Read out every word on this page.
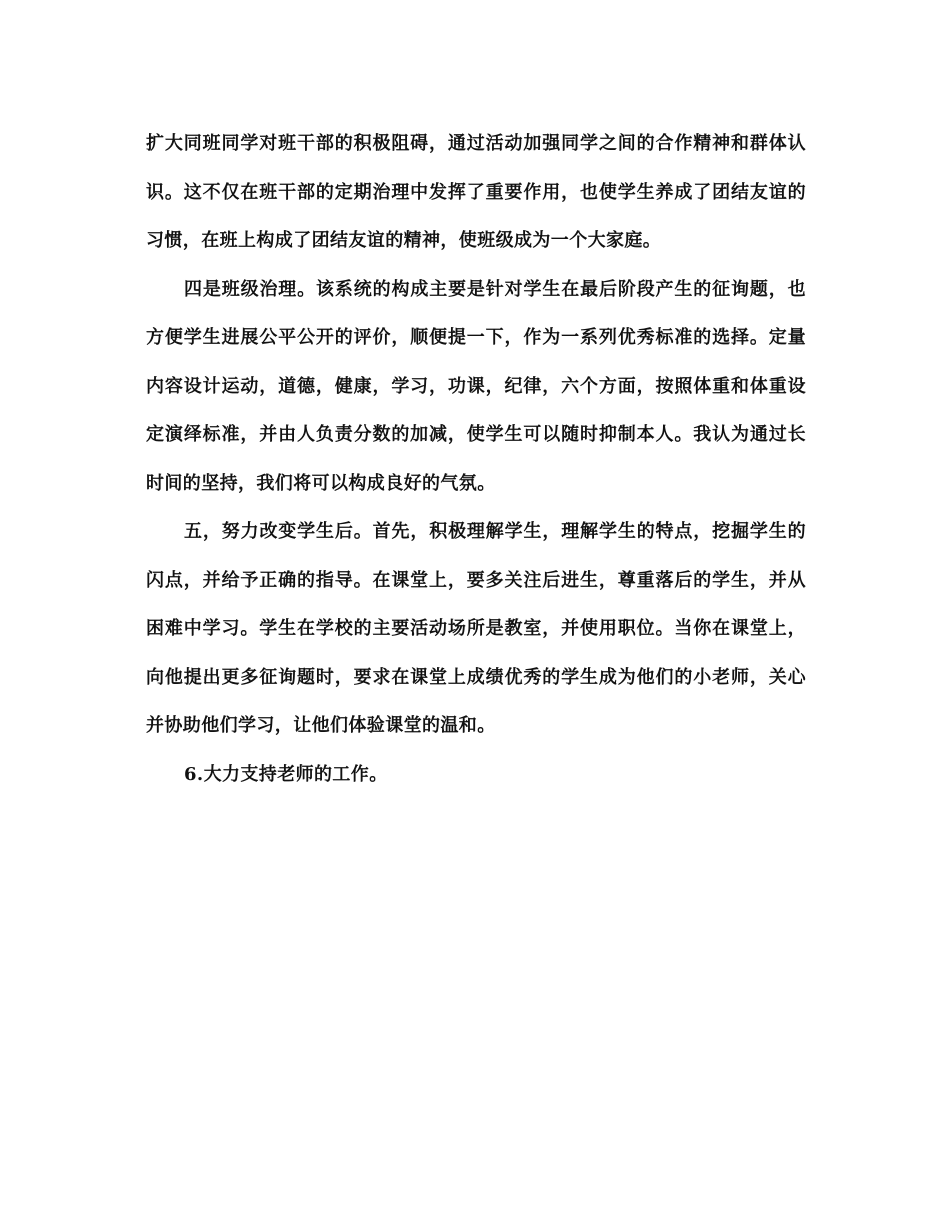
扩大同班同学对班干部的积极阻碍，通过活动加强同学之间的合作精神和群体认识。这不仅在班干部的定期治理中发挥了重要作用，也使学生养成了团结友谊的习惯，在班上构成了团结友谊的精神，使班级成为一个大家庭。

四是班级治理。该系统的构成主要是针对学生在最后阶段产生的征询题，也方便学生进展公平公开的评价，顺便提一下，作为一系列优秀标准的选择。定量内容设计运动，道德，健康，学习，功课，纪律，六个方面，按照体重和体重设定演绎标准，并由人负责分数的加减，使学生可以随时抑制本人。我认为通过长时间的坚持，我们将可以构成良好的气氛。

五，努力改变学生后。首先，积极理解学生，理解学生的特点，挖掘学生的闪点，并给予正确的指导。在课堂上，要多关注后进生，尊重落后的学生，并从困难中学习。学生在学校的主要活动场所是教室，并使用职位。当你在课堂上，向他提出更多征询题时，要求在课堂上成绩优秀的学生成为他们的小老师，关心并协助他们学习，让他们体验课堂的温和。

6.大力支持老师的工作。
